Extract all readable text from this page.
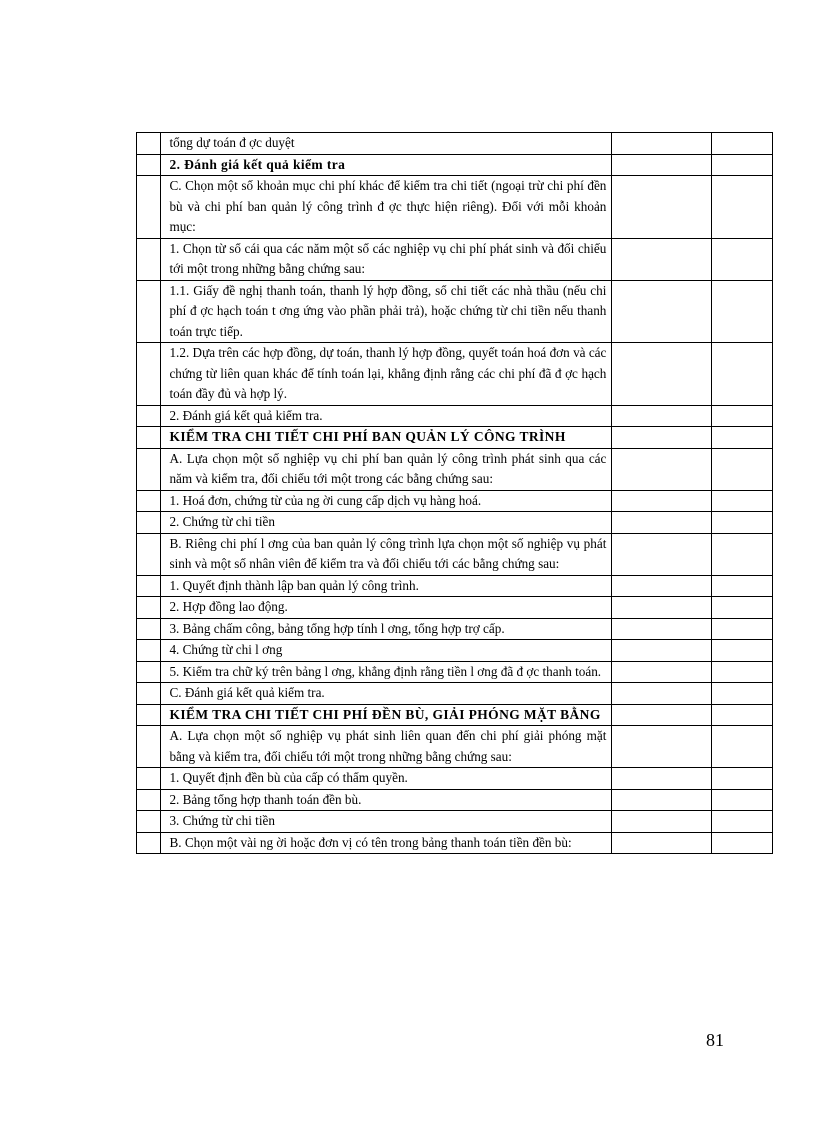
	tổng dự toán đ ợc duyệt		
	2. Đánh giá kết quả kiểm tra		
	C. Chọn một số khoản mục chi phí khác để kiểm tra chi tiết (ngoại trừ chi phí đền bù và chi phí ban quản lý công trình đ ợc thực hiện riêng). Đối với mỗi khoản mục:		
	1. Chọn từ sổ cái qua các năm một số các nghiệp vụ chi phí phát sinh và đối chiếu tới một trong những bằng chứng sau:		
	1.1. Giấy đề nghị thanh toán, thanh lý hợp đồng, sổ chi tiết các nhà thầu (nếu chi phí đ ợc hạch toán t ơng ứng vào phần phải trả), hoặc chứng từ chi tiền nếu thanh toán trực tiếp.		
	1.2. Dựa trên các hợp đồng, dự toán, thanh lý hợp đồng, quyết toán hoá đơn và các chứng từ liên quan khác để tính toán lại, khẳng định rằng các chi phí đã đ ợc hạch toán đầy đủ và hợp lý.		
	2. Đánh giá kết quả kiểm tra.		
	KIỂM TRA CHI TIẾT CHI PHÍ BAN QUẢN LÝ CÔNG TRÌNH		
	A. Lựa chọn một số nghiệp vụ chi phí ban quản lý công trình phát sinh qua các năm và kiểm tra, đối chiếu tới một trong các bằng chứng sau:		
	1. Hoá đơn, chứng từ của ng ời cung cấp dịch vụ hàng hoá.		
	2. Chứng từ chi tiền		
	B. Riêng chi phí l ơng của ban quản lý công trình lựa chọn một số nghiệp vụ phát sinh và một số nhân viên để kiểm tra và đối chiếu tới các bằng chứng sau:		
	1. Quyết định thành lập ban quản lý công trình.		
	2. Hợp đồng lao động.		
	3. Bảng chấm công, bảng tổng hợp tính l ơng, tổng hợp trợ cấp.		
	4. Chứng từ chi l ơng		
	5. Kiểm tra chữ ký trên bảng l ơng, khẳng định rằng tiền l ơng đã đ ợc thanh toán.		
	C. Đánh giá kết quả kiểm tra.		
	KIỂM TRA CHI TIẾT CHI PHÍ ĐỀN BÙ, GIẢI PHÓNG MẶT BẰNG		
	A. Lựa chọn một số nghiệp vụ phát sinh liên quan đến chi phí giải phóng mặt bằng và kiểm tra, đối chiếu tới một trong những bằng chứng sau:		
	1. Quyết định đền bù của cấp có thẩm quyền.		
	2. Bảng tổng hợp thanh toán đền bù.		
	3. Chứng từ chi tiền		
	B. Chọn một vài ng ời hoặc đơn vị có tên trong bảng thanh toán tiền đền bù:		
81
